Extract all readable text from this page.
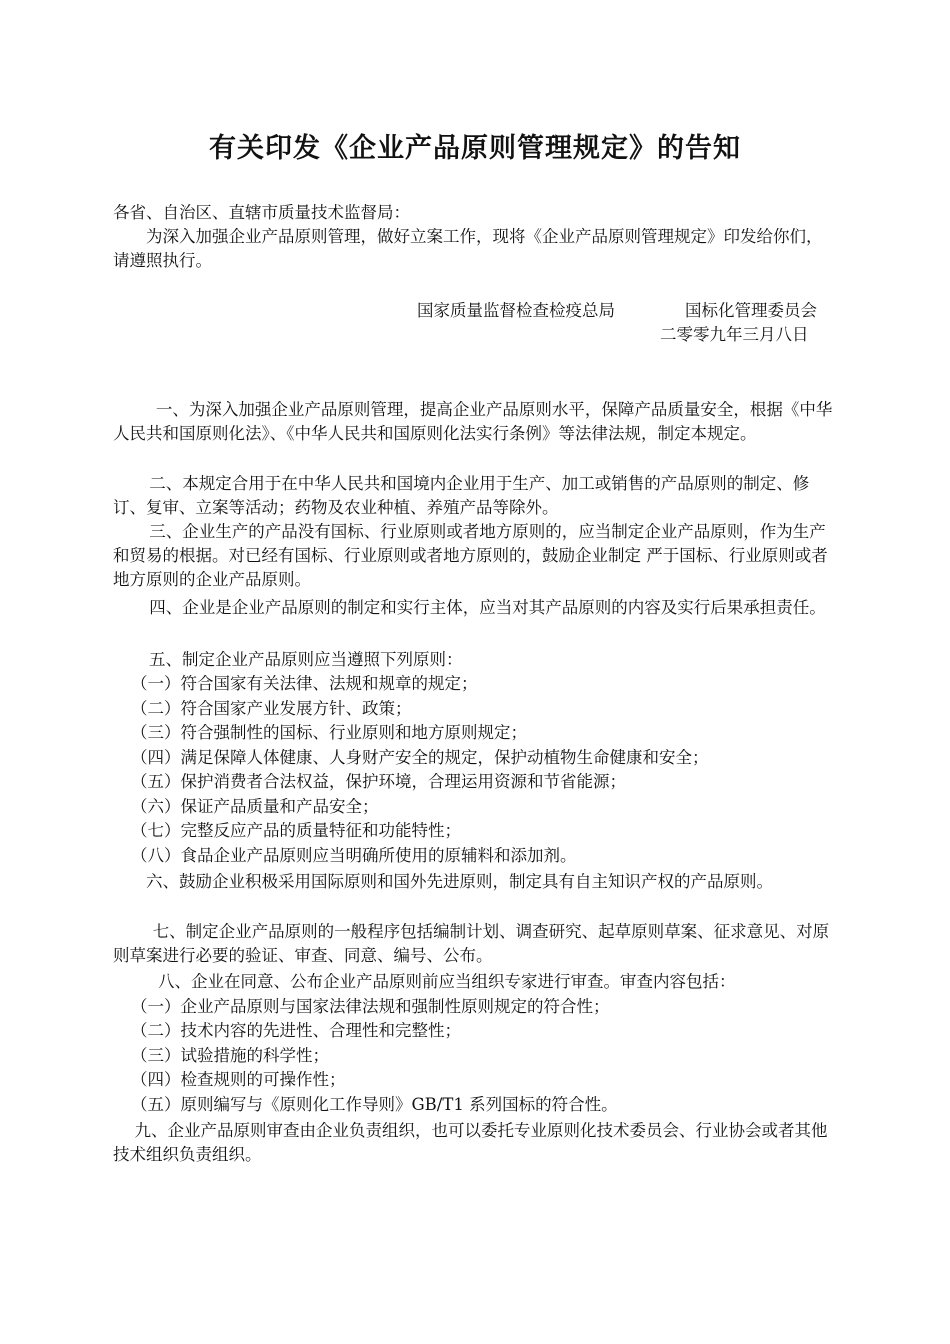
有关印发《企业产品原则管理规定》的告知

各省、自治区、直辖市质量技术监督局：

为深入加强企业产品原则管理，做好立案工作，现将《企业产品原则管理规定》印发给你们，请遵照执行。

国家质量监督检查检疫总局	国标化管理委员会
二零零九年三月八日

一、为深入加强企业产品原则管理，提高企业产品原则水平，保障产品质量安全，根据《中华人民共和国原则化法》、《中华人民共和国原则化法实行条例》等法律法规，制定本规定。

二、本规定合用于在中华人民共和国境内企业用于生产、加工或销售的产品原则的制定、修订、复审、立案等活动；药物及农业种植、养殖产品等除外。

三、企业生产的产品没有国标、行业原则或者地方原则的，应当制定企业产品原则，作为生产和贸易的根据。对已经有国标、行业原则或者地方原则的，鼓励企业制定 严于国标、行业原则或者地方原则的企业产品原则。

四、企业是企业产品原则的制定和实行主体，应当对其产品原则的内容及实行后果承担责任。

五、制定企业产品原则应当遵照下列原则：

（一）符合国家有关法律、法规和规章的规定；

（二）符合国家产业发展方针、政策；

（三）符合强制性的国标、行业原则和地方原则规定；

（四）满足保障人体健康、人身财产安全的规定，保护动植物生命健康和安全；

（五）保护消费者合法权益，保护环境，合理运用资源和节省能源；

（六）保证产品质量和产品安全；

（七）完整反应产品的质量特征和功能特性；

（八）食品企业产品原则应当明确所使用的原辅料和添加剂。

六、鼓励企业积极采用国际原则和国外先进原则，制定具有自主知识产权的产品原则。

七、制定企业产品原则的一般程序包括编制计划、调查研究、起草原则草案、征求意见、对原则草案进行必要的验证、审查、同意、编号、公布。

八、企业在同意、公布企业产品原则前应当组织专家进行审查。审查内容包括：

（一）企业产品原则与国家法律法规和强制性原则规定的符合性；

（二）技术内容的先进性、合理性和完整性；

（三）试验措施的科学性；

（四）检查规则的可操作性；

（五）原则编写与《原则化工作导则》GB/T1 系列国标的符合性。

九、企业产品原则审查由企业负责组织，也可以委托专业原则化技术委员会、行业协会或者其他技术组织负责组织。
